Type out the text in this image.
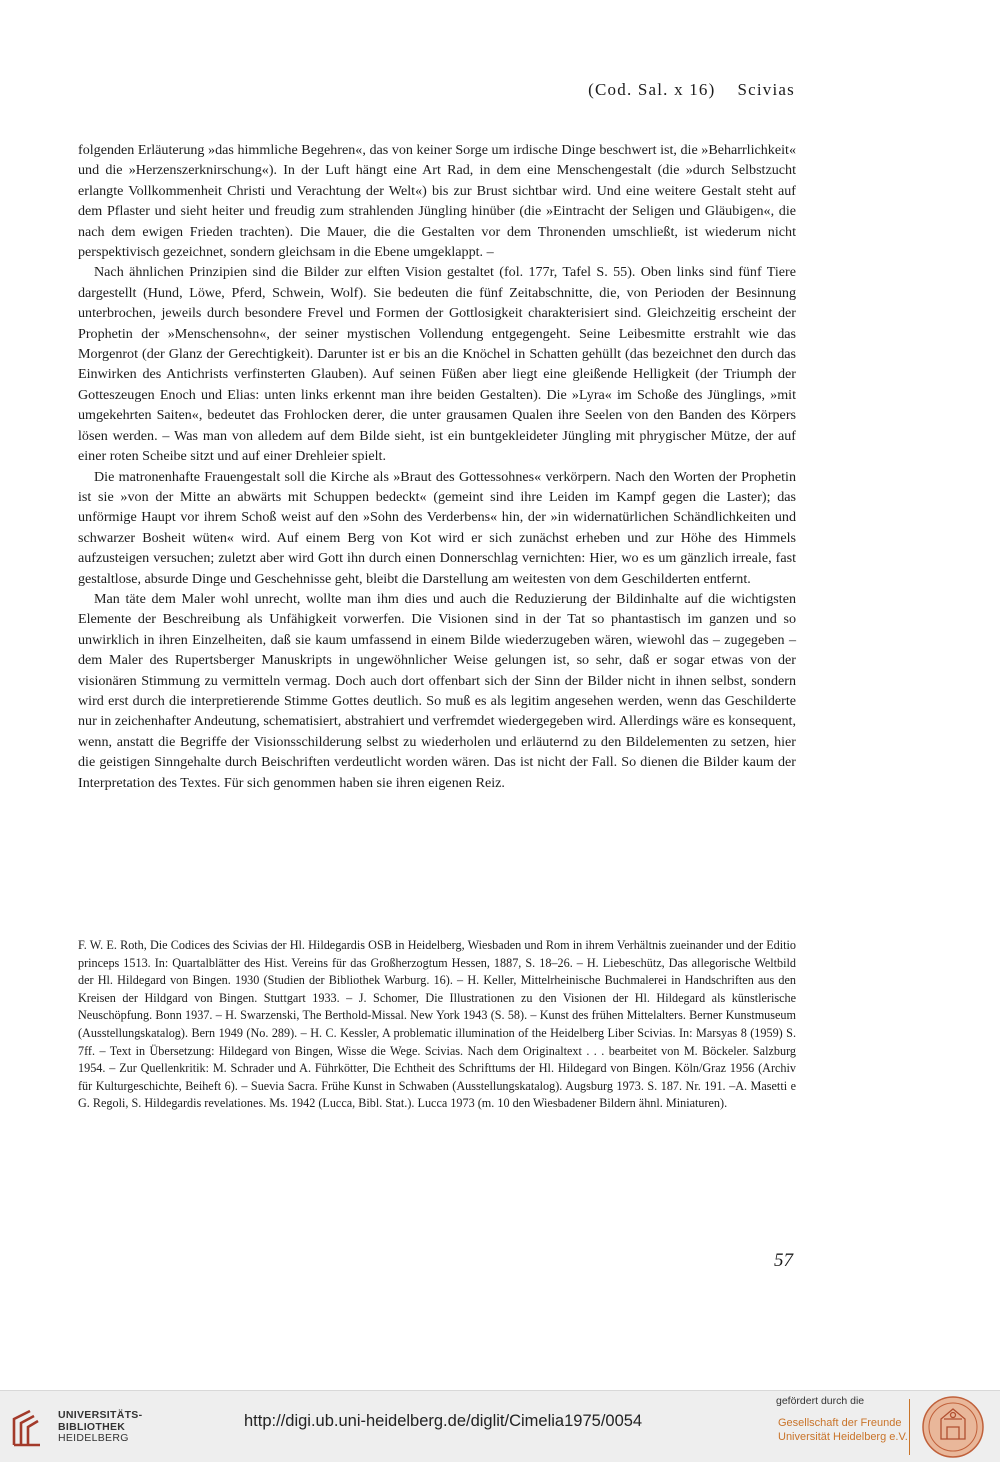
(Cod. Sal. x 16) Scivias

folgenden Erläuterung »das himmliche Begehren«, das von keiner Sorge um irdische Dinge beschwert ist, die »Beharrlichkeit« und die »Herzenszerknirschung«). In der Luft hängt eine Art Rad, in dem eine Menschengestalt (die »durch Selbstzucht erlangte Vollkommenheit Christi und Verachtung der Welt«) bis zur Brust sichtbar wird. Und eine weitere Gestalt steht auf dem Pflaster und sieht heiter und freudig zum strahlenden Jüngling hinüber (die »Eintracht der Seligen und Gläubigen«, die nach dem ewigen Frieden trachten). Die Mauer, die die Gestalten vor dem Thronenden umschließt, ist wiederum nicht perspektivisch gezeichnet, sondern gleichsam in die Ebene umgeklappt. –

Nach ähnlichen Prinzipien sind die Bilder zur elften Vision gestaltet (fol. 177r, Tafel S. 55). Oben links sind fünf Tiere dargestellt (Hund, Löwe, Pferd, Schwein, Wolf). Sie bedeuten die fünf Zeitabschnitte, die, von Perioden der Besinnung unterbrochen, jeweils durch besondere Frevel und Formen der Gottlosigkeit charakterisiert sind. Gleichzeitig erscheint der Prophetin der »Menschensohn«, der seiner mystischen Vollendung entgegengeht. Seine Leibesmitte erstrahlt wie das Morgenrot (der Glanz der Gerechtigkeit). Darunter ist er bis an die Knöchel in Schatten gehüllt (das bezeichnet den durch das Einwirken des Antichrists verfinsterten Glauben). Auf seinen Füßen aber liegt eine gleißende Helligkeit (der Triumph der Gotteszeugen Enoch und Elias: unten links erkennt man ihre beiden Gestalten). Die »Lyra« im Schoße des Jünglings, »mit umgekehrten Saiten«, bedeutet das Frohlocken derer, die unter grausamen Qualen ihre Seelen von den Banden des Körpers lösen werden. – Was man von alledem auf dem Bilde sieht, ist ein buntgekleideter Jüngling mit phrygischer Mütze, der auf einer roten Scheibe sitzt und auf einer Drehleier spielt.

Die matronenhafte Frauengestalt soll die Kirche als »Braut des Gottessohnes« verkörpern. Nach den Worten der Prophetin ist sie »von der Mitte an abwärts mit Schuppen bedeckt« (gemeint sind ihre Leiden im Kampf gegen die Laster); das unförmige Haupt vor ihrem Schoß weist auf den »Sohn des Verderbens« hin, der »in widernatürlichen Schändlichkeiten und schwarzer Bosheit wüten« wird. Auf einem Berg von Kot wird er sich zunächst erheben und zur Höhe des Himmels aufzusteigen versuchen; zuletzt aber wird Gott ihn durch einen Donnerschlag vernichten: Hier, wo es um gänzlich irreale, fast gestaltlose, absurde Dinge und Geschehnisse geht, bleibt die Darstellung am weitesten von dem Geschilderten entfernt.

Man täte dem Maler wohl unrecht, wollte man ihm dies und auch die Reduzierung der Bildinhalte auf die wichtigsten Elemente der Beschreibung als Unfähigkeit vorwerfen. Die Visionen sind in der Tat so phantastisch im ganzen und so unwirklich in ihren Einzelheiten, daß sie kaum umfassend in einem Bilde wiederzugeben wären, wiewohl das – zugegeben – dem Maler des Rupertsberger Manuskripts in ungewöhnlicher Weise gelungen ist, so sehr, daß er sogar etwas von der visionären Stimmung zu vermitteln vermag. Doch auch dort offenbart sich der Sinn der Bilder nicht in ihnen selbst, sondern wird erst durch die interpretierende Stimme Gottes deutlich. So muß es als legitim angesehen werden, wenn das Geschilderte nur in zeichenhafter Andeutung, schematisiert, abstrahiert und verfremdet wiedergegeben wird. Allerdings wäre es konsequent, wenn, anstatt die Begriffe der Visionsschilderung selbst zu wiederholen und erläuternd zu den Bildelementen zu setzen, hier die geistigen Sinngehalte durch Beischriften verdeutlicht worden wären. Das ist nicht der Fall. So dienen die Bilder kaum der Interpretation des Textes. Für sich genommen haben sie ihren eigenen Reiz.

F. W. E. Roth, Die Codices des Scivias der Hl. Hildegardis OSB in Heidelberg, Wiesbaden und Rom in ihrem Verhältnis zueinander und der Editio princeps 1513. In: Quartalblätter des Hist. Vereins für das Großherzogtum Hessen, 1887, S. 18–26. – H. Liebeschütz, Das allegorische Weltbild der Hl. Hildegard von Bingen. 1930 (Studien der Bibliothek Warburg. 16). – H. Keller, Mittelrheinische Buchmalerei in Handschriften aus den Kreisen der Hildgard von Bingen. Stuttgart 1933. – J. Schomer, Die Illustrationen zu den Visionen der Hl. Hildegard als künstlerische Neuschöpfung. Bonn 1937. – H. Swarzenski, The Berthold-Missal. New York 1943 (S. 58). – Kunst des frühen Mittelalters. Berner Kunstmuseum (Ausstellungskatalog). Bern 1949 (No. 289). – H. C. Kessler, A problematic illumination of the Heidelberg Liber Scivias. In: Marsyas 8 (1959) S. 7ff. – Text in Übersetzung: Hildegard von Bingen, Wisse die Wege. Scivias. Nach dem Originaltext . . . bearbeitet von M. Böckeler. Salzburg 1954. – Zur Quellenkritik: M. Schrader und A. Führkötter, Die Echtheit des Schrifttums der Hl. Hildegard von Bingen. Köln/Graz 1956 (Archiv für Kulturgeschichte, Beiheft 6). – Suevia Sacra. Frühe Kunst in Schwaben (Ausstellungskatalog). Augsburg 1973. S. 187. Nr. 191. –A. Masetti e G. Regoli, S. Hildegardis revelationes. Ms. 1942 (Lucca, Bibl. Stat.). Lucca 1973 (m. 10 den Wiesbadener Bildern ähnl. Miniaturen).

57
UNIVERSITÄTS-
BIBLIOTHEK
HEIDELBERG
http://digi.ub.uni-heidelberg.de/diglit/Cimelia1975/0054
gefördert durch die
Gesellschaft der Freunde
Universität Heidelberg e.V.
